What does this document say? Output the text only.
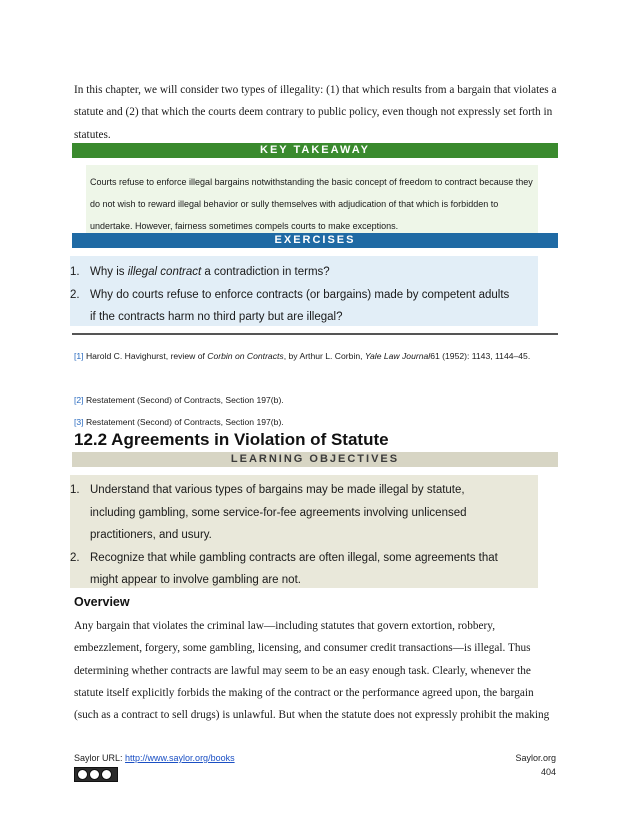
In this chapter, we will consider two types of illegality: (1) that which results from a bargain that violates a statute and (2) that which the courts deem contrary to public policy, even though not expressly set forth in statutes.
KEY TAKEAWAY
Courts refuse to enforce illegal bargains notwithstanding the basic concept of freedom to contract because they do not wish to reward illegal behavior or sully themselves with adjudication of that which is forbidden to undertake. However, fairness sometimes compels courts to make exceptions.
EXERCISES
1. Why is illegal contract a contradiction in terms?
2. Why do courts refuse to enforce contracts (or bargains) made by competent adults if the contracts harm no third party but are illegal?
[1] Harold C. Havighurst, review of Corbin on Contracts, by Arthur L. Corbin, Yale Law Journal61 (1952): 1143, 1144–45.
[2] Restatement (Second) of Contracts, Section 197(b).
[3] Restatement (Second) of Contracts, Section 197(b).
12.2 Agreements in Violation of Statute
LEARNING OBJECTIVES
1. Understand that various types of bargains may be made illegal by statute, including gambling, some service-for-fee agreements involving unlicensed practitioners, and usury.
2. Recognize that while gambling contracts are often illegal, some agreements that might appear to involve gambling are not.
Overview
Any bargain that violates the criminal law—including statutes that govern extortion, robbery, embezzlement, forgery, some gambling, licensing, and consumer credit transactions—is illegal. Thus determining whether contracts are lawful may seem to be an easy enough task. Clearly, whenever the statute itself explicitly forbids the making of the contract or the performance agreed upon, the bargain (such as a contract to sell drugs) is unlawful. But when the statute does not expressly prohibit the making
Saylor URL: http://www.saylor.org/books	Saylor.org
404
